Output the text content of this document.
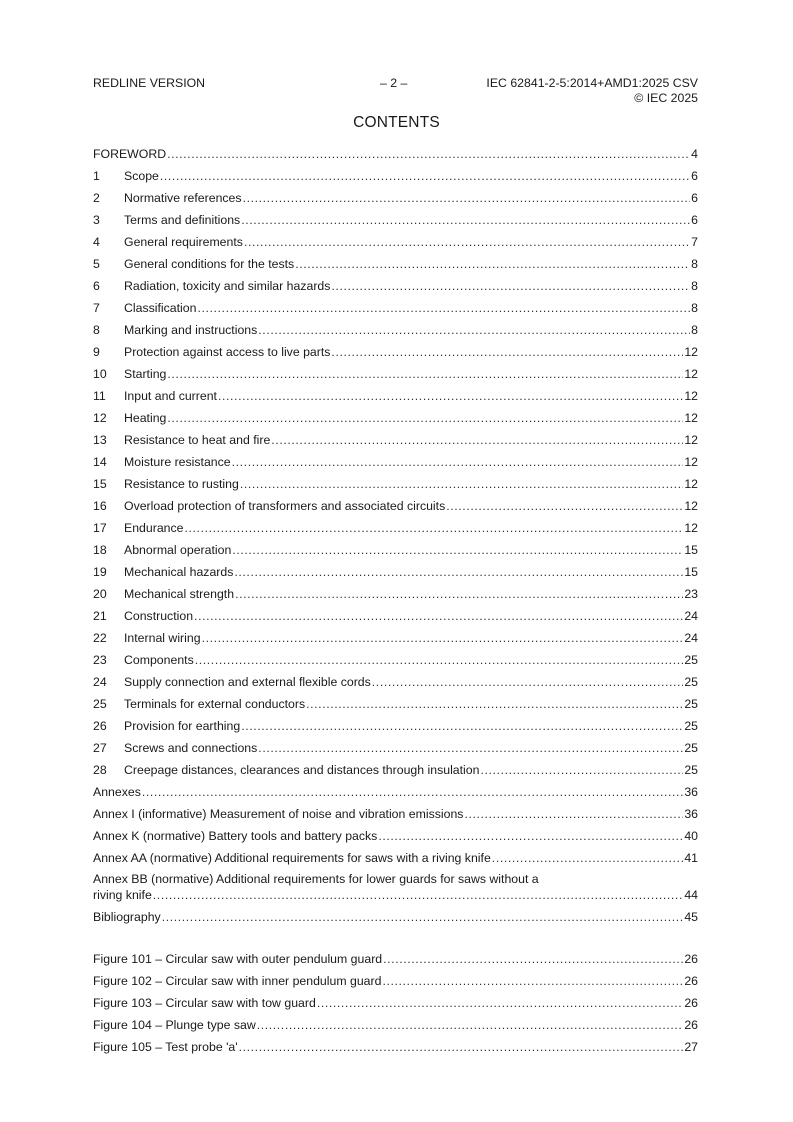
REDLINE VERSION	– 2 –	IEC 62841-2-5:2014+AMD1:2025 CSV
© IEC 2025
CONTENTS
FOREWORD .....	4
1	Scope .....	6
2	Normative references .....	6
3	Terms and definitions .....	6
4	General requirements .....	7
5	General conditions for the tests .....	8
6	Radiation, toxicity and similar hazards .....	8
7	Classification .....	8
8	Marking and instructions .....	8
9	Protection against access to live parts .....	12
10	Starting .....	12
11	Input and current .....	12
12	Heating .....	12
13	Resistance to heat and fire .....	12
14	Moisture resistance .....	12
15	Resistance to rusting .....	12
16	Overload protection of transformers and associated circuits .....	12
17	Endurance .....	12
18	Abnormal operation .....	15
19	Mechanical hazards .....	15
20	Mechanical strength .....	23
21	Construction .....	24
22	Internal wiring .....	24
23	Components .....	25
24	Supply connection and external flexible cords .....	25
25	Terminals for external conductors .....	25
26	Provision for earthing .....	25
27	Screws and connections .....	25
28	Creepage distances, clearances and distances through insulation .....	25
Annexes .....	36
Annex I (informative) Measurement of noise and vibration emissions .....	36
Annex K (normative) Battery tools and battery packs .....	40
Annex AA (normative) Additional requirements for saws with a riving knife .....	41
Annex BB (normative) Additional requirements for lower guards for saws without a
riving knife .....	44
Bibliography .....	45
Figure 101 – Circular saw with outer pendulum guard .....	26
Figure 102 – Circular saw with inner pendulum guard .....	26
Figure 103 – Circular saw with tow guard .....	26
Figure 104 – Plunge type saw .....	26
Figure 105 – Test probe 'a' .....	27
